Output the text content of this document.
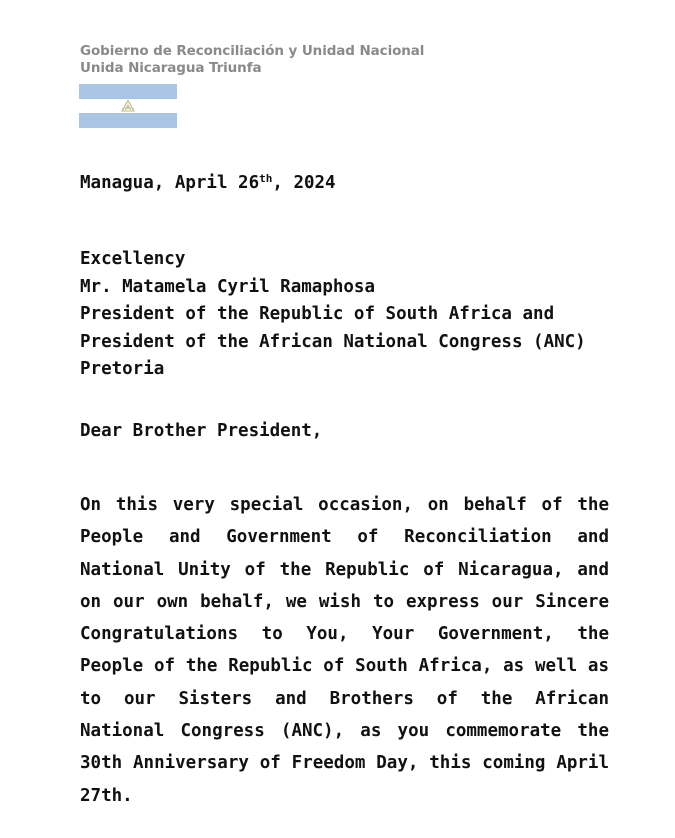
Gobierno de Reconciliación y Unidad Nacional
Unida Nicaragua Triunfa
Managua, April 26th, 2024
Excellency
Mr. Matamela Cyril Ramaphosa
President of the Republic of South Africa and
President of the African National Congress (ANC)
Pretoria
Dear Brother President,
On this very special occasion, on behalf of the People and Government of Reconciliation and National Unity of the Republic of Nicaragua, and on our own behalf, we wish to express our Sincere Congratulations to You, Your Government, the People of the Republic of South Africa, as well as to our Sisters and Brothers of the African National Congress (ANC), as you commemorate the 30th Anniversary of Freedom Day, this coming April 27th.
